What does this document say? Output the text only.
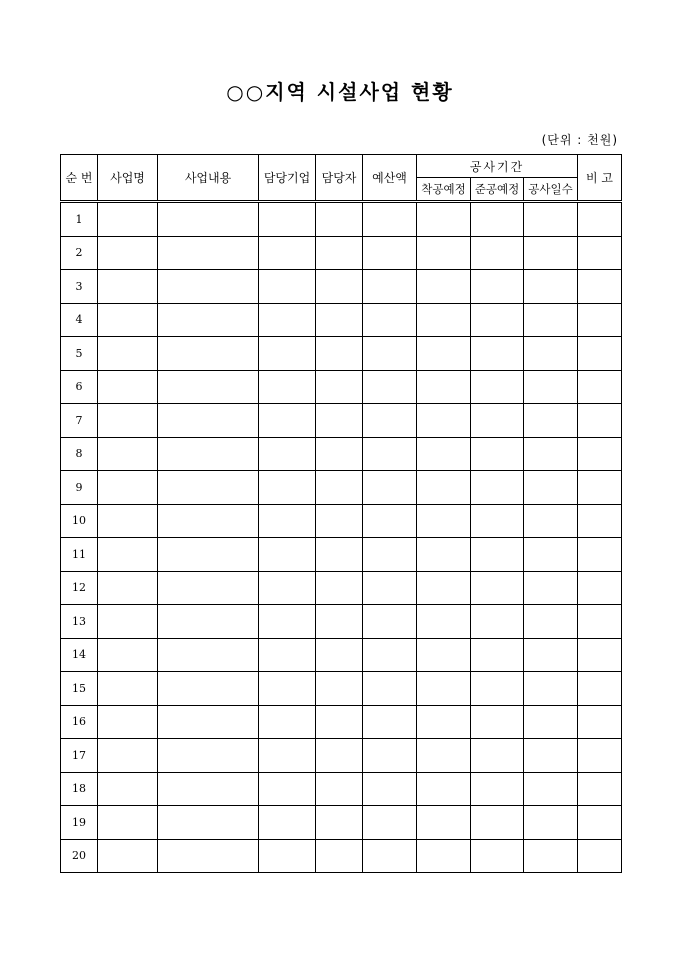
○○지역 시설사업 현황
(단위 : 천원)
순 번	사업명	사업내용	담당기업	담당자	예산액	공사기간			비 고
						착공예정	준공예정	공사일수	
1									
2									
3									
4									
5									
6									
7									
8									
9									
10									
11									
12									
13									
14									
15									
16									
17									
18									
19									
20									
